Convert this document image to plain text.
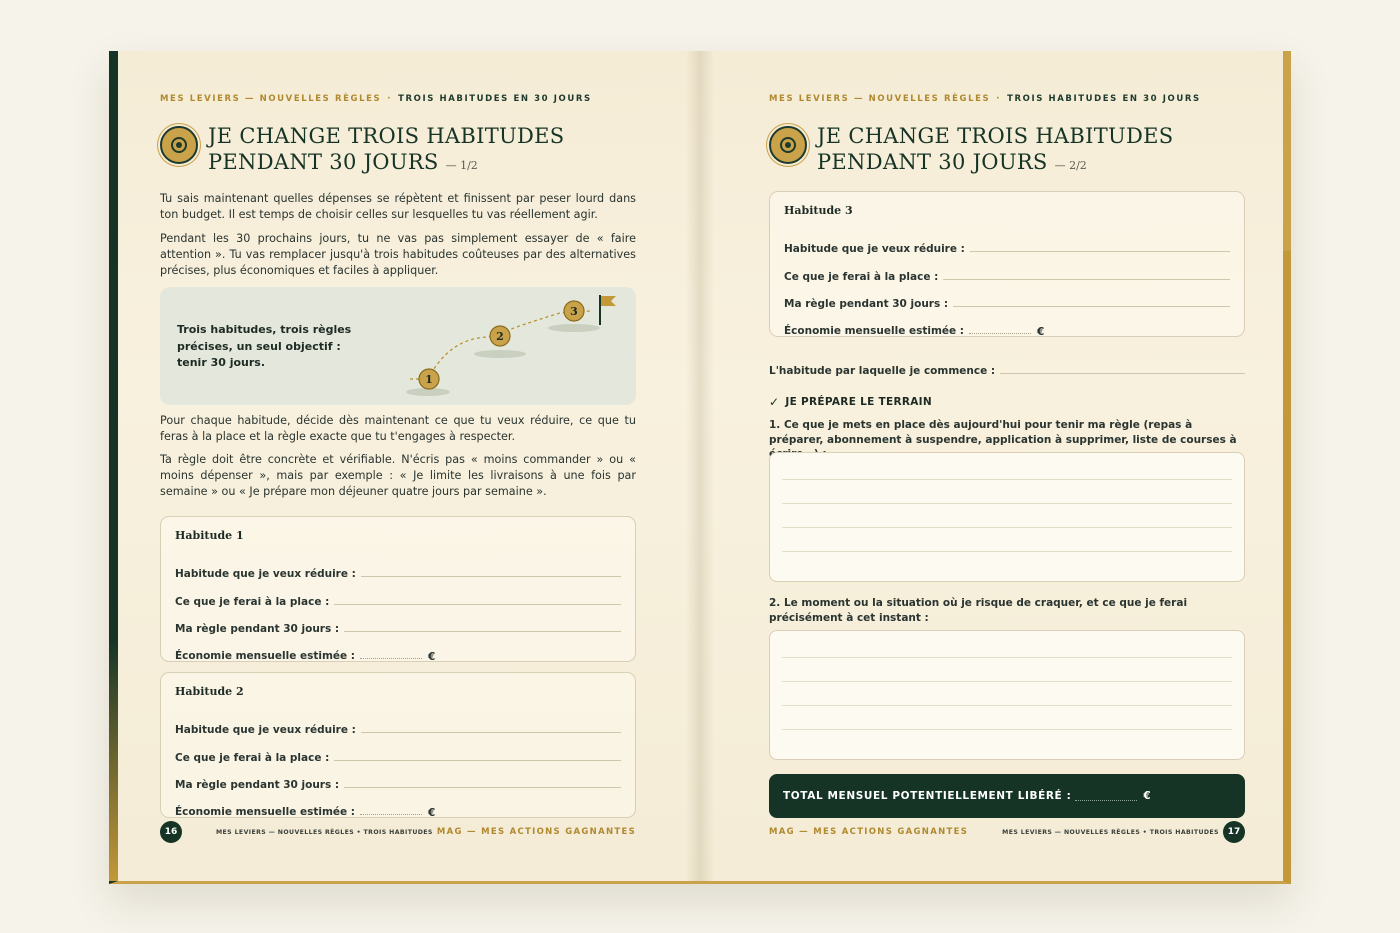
MES LEVIERS — NOUVELLES RÈGLES · TROIS HABITUDES EN 30 JOURS
JE CHANGE TROIS HABITUDES
PENDANT 30 JOURS — 1/2

Tu sais maintenant quelles dépenses se répètent et finissent par peser lourd dans ton budget. Il est temps de choisir celles sur lesquelles tu vas réellement agir.

Pendant les 30 prochains jours, tu ne vas pas simplement essayer de « faire attention ». Tu vas remplacer jusqu'à trois habitudes coûteuses par des alternatives précises, plus économiques et faciles à appliquer.

Trois habitudes, trois règles précises, un seul objectif : tenir 30 jours.
1
2
3

Pour chaque habitude, décide dès maintenant ce que tu veux réduire, ce que tu feras à la place et la règle exacte que tu t'engages à respecter.

Ta règle doit être concrète et vérifiable. N'écris pas « moins commander » ou « moins dépenser », mais par exemple : « Je limite les livraisons à une fois par semaine » ou « Je prépare mon déjeuner quatre jours par semaine ».

Habitude 1
Habitude que je veux réduire :
Ce que je ferai à la place :
Ma règle pendant 30 jours :
Économie mensuelle estimée :	€
Habitude 2
Habitude que je veux réduire :
Ce que je ferai à la place :
Ma règle pendant 30 jours :
Économie mensuelle estimée :	€
16	MES LEVIERS — NOUVELLES RÈGLES • TROIS HABITUDES MAG — MES ACTIONS GAGNANTES
MES LEVIERS — NOUVELLES RÈGLES · TROIS HABITUDES EN 30 JOURS
JE CHANGE TROIS HABITUDES
PENDANT 30 JOURS — 2/2
Habitude 3
Habitude que je veux réduire :
Ce que je ferai à la place :
Ma règle pendant 30 jours :
Économie mensuelle estimée :	€
L'habitude par laquelle je commence :
✓ JE PRÉPARE LE TERRAIN

1. Ce que je mets en place dès aujourd'hui pour tenir ma règle (repas à préparer, abonnement à suspendre, application à supprimer, liste de courses à

2. Le moment ou la situation où je risque de craquer, et ce que je ferai précisément à cet instant :

TOTAL MENSUEL POTENTIELLEMENT LIBÉRÉ :	€
MAG — MES ACTIONS GAGNANTES	MES LEVIERS — NOUVELLES RÈGLES • TROIS HABITUDES 17
